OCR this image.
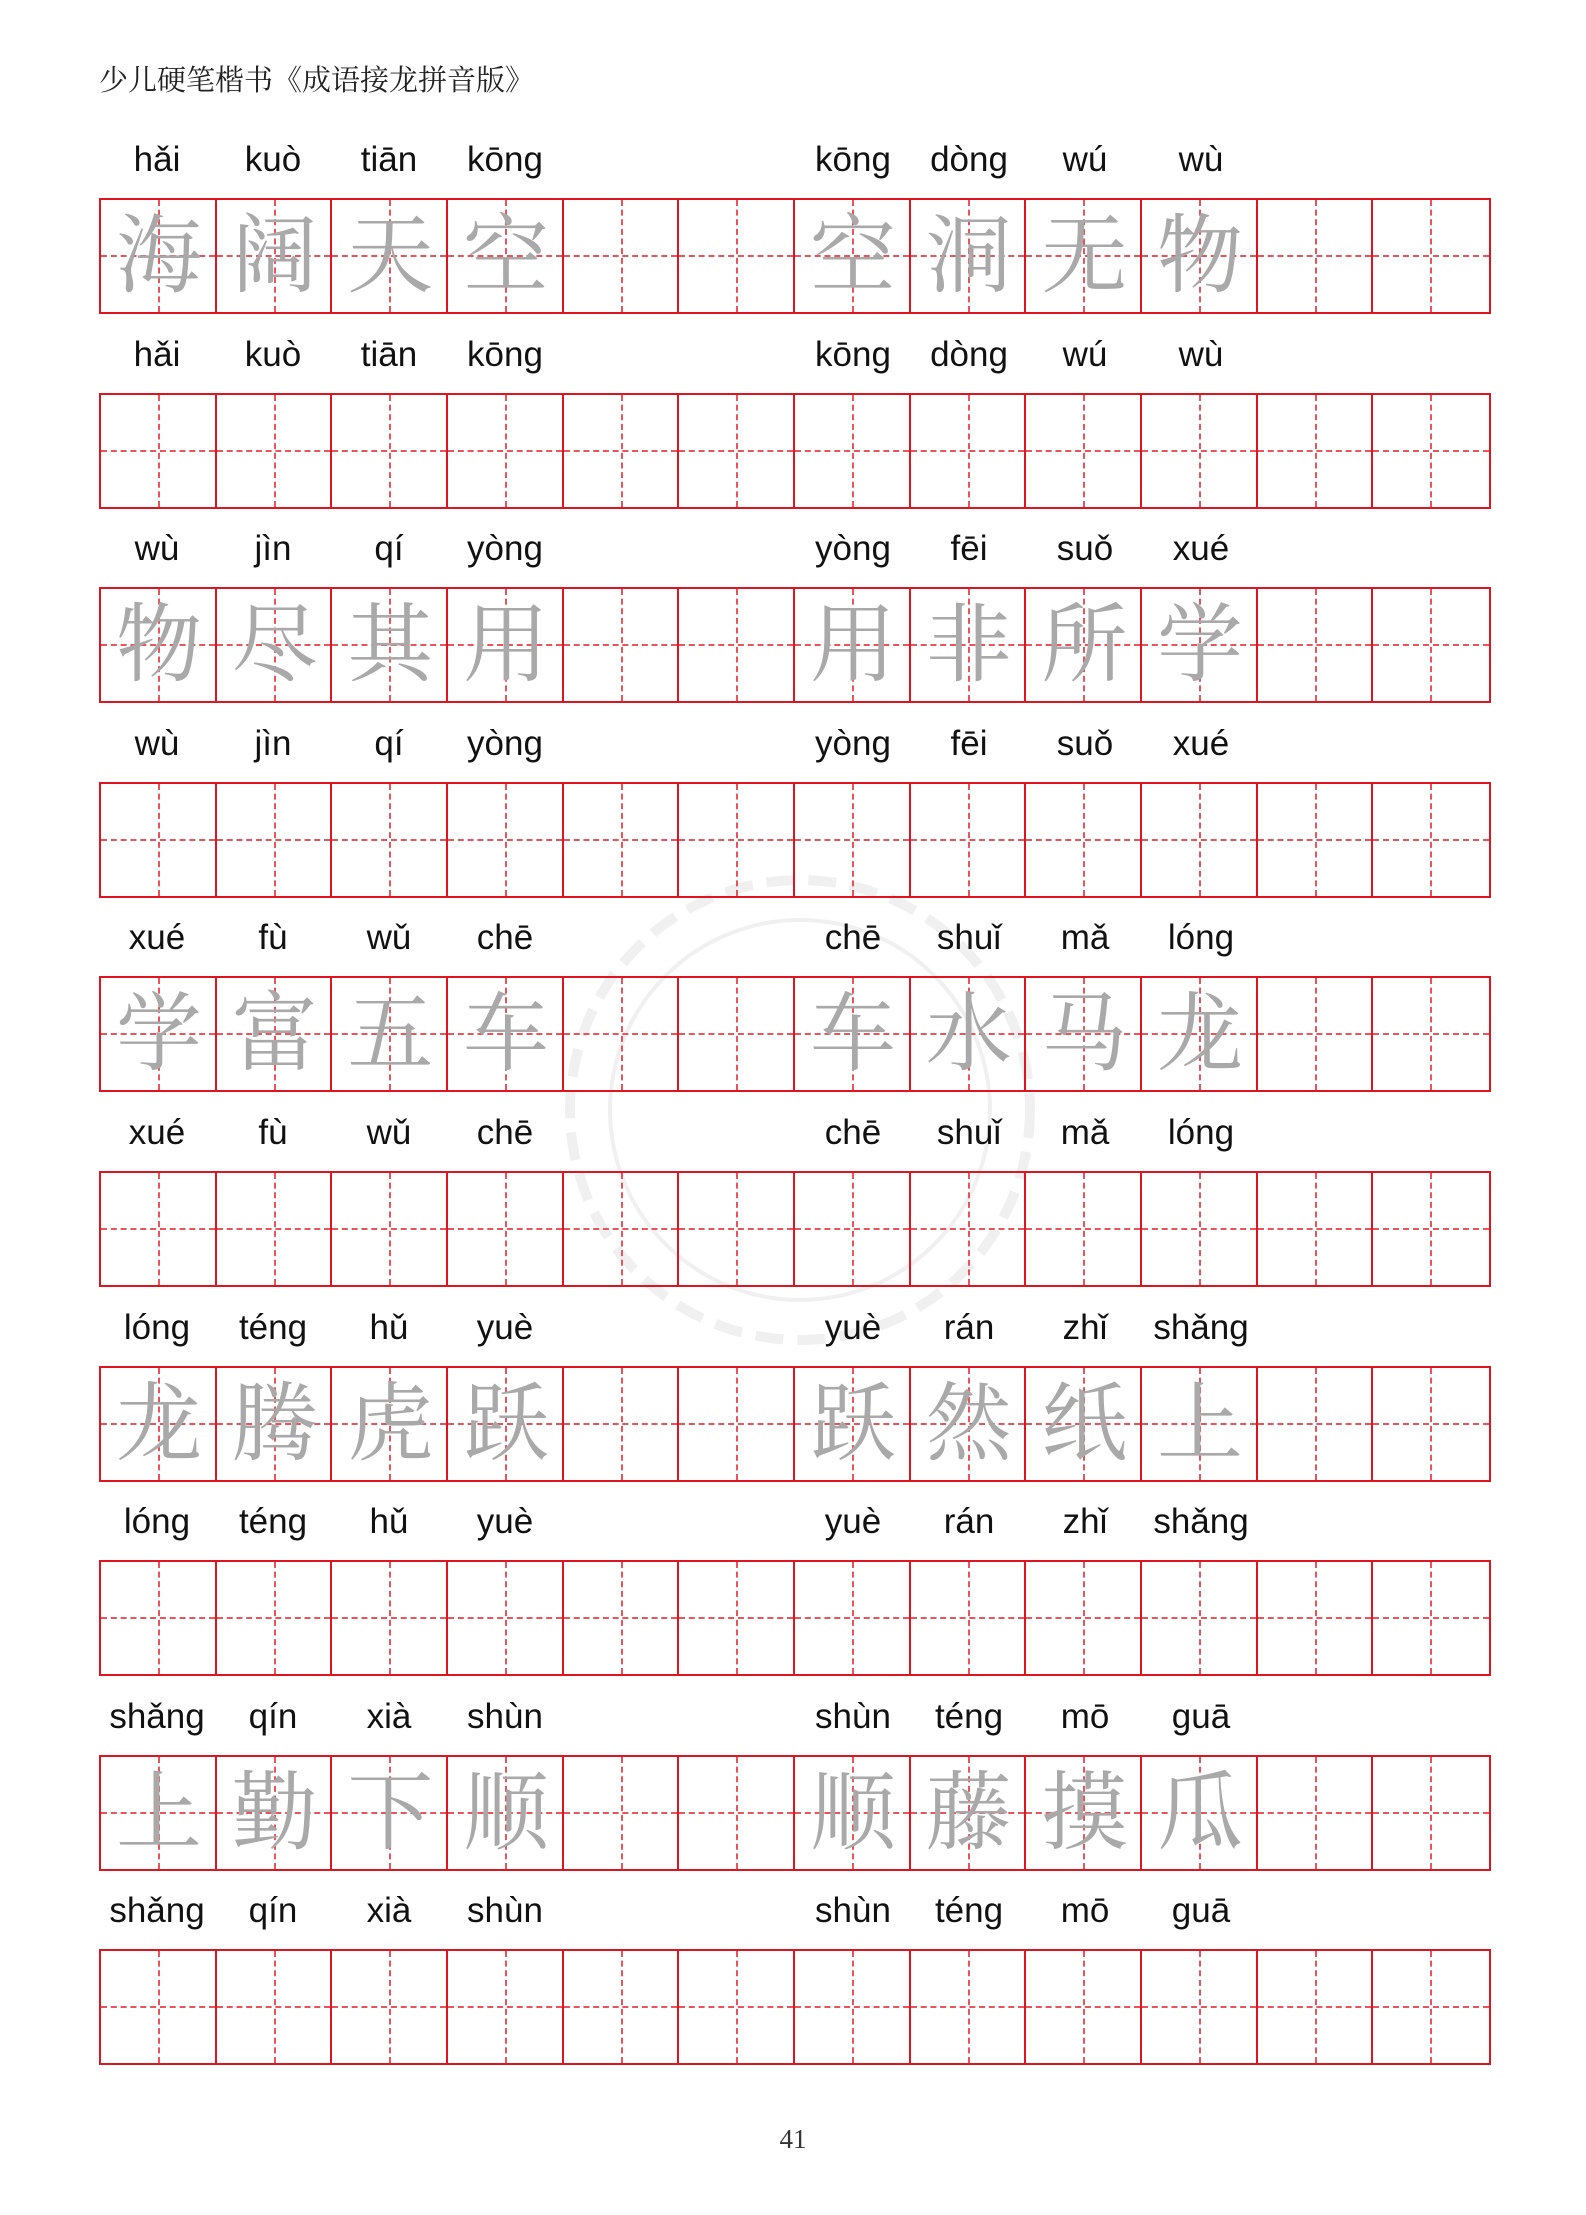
少儿硬笔楷书《成语接龙拼音版》
hǎi	kuò	tiān	kōng	kōng	dòng	wú	wù
海 阔 天 空	空 洞 无 物
hǎi	kuò	tiān	kōng	kōng	dòng	wú	wù
wù	jìn	qí	yòng	yòng	fēi	suǒ	xué
物 尽 其 用	用 非 所 学
wù	jìn	qí	yòng	yòng	fēi	suǒ	xué
xué	fù	wǔ	chē	chē	shuǐ	mǎ	lóng
学 富 五 车	车 水 马 龙
xué	fù	wǔ	chē	chē	shuǐ	mǎ	lóng
lóng	téng	hǔ	yuè	yuè	rán	zhǐ	shǎng
龙 腾 虎 跃	跃 然 纸 上
lóng	téng	hǔ	yuè	yuè	rán	zhǐ	shǎng
shǎng	qín	xià	shùn	shùn	téng	mō	guā
上 勤 下 顺	顺 藤 摸 瓜
shǎng	qín	xià	shùn	shùn	téng	mō	guā
41
